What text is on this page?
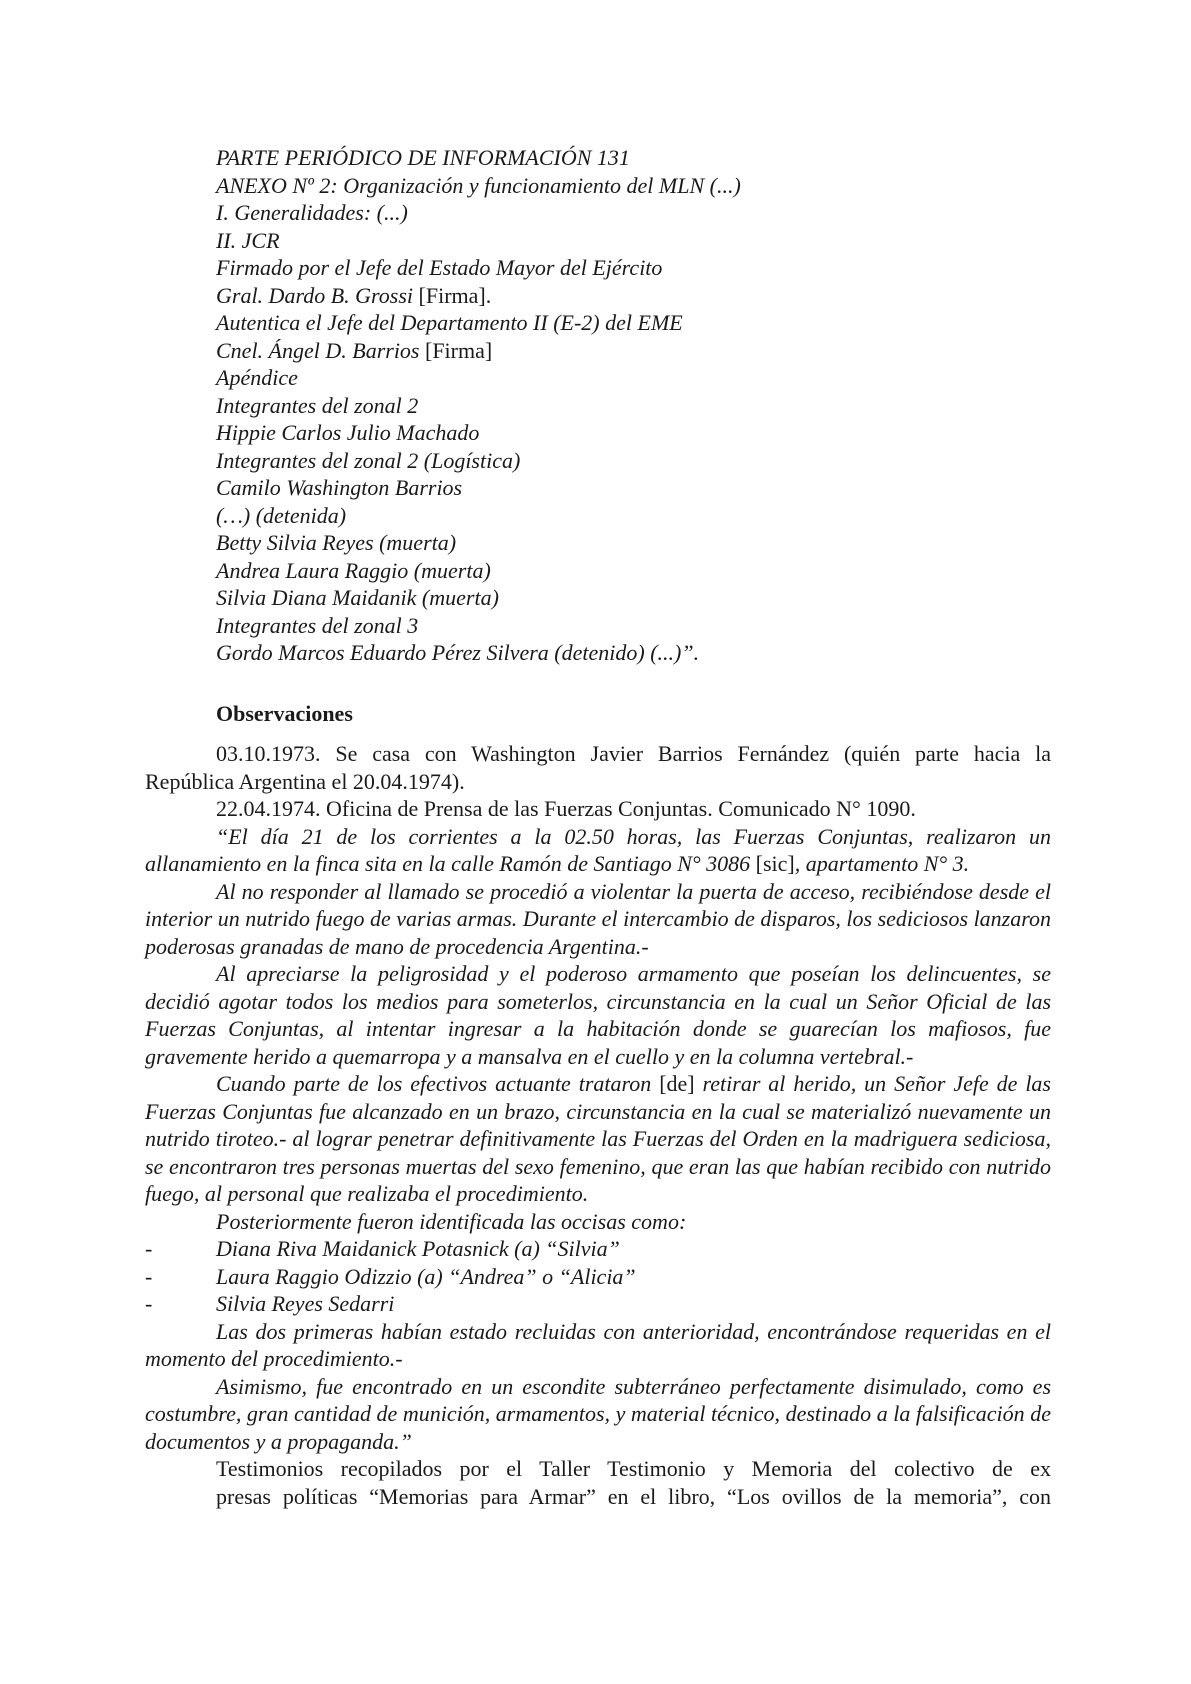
PARTE PERIÓDICO DE INFORMACIÓN 131
ANEXO Nº 2: Organización y funcionamiento del MLN (...)
I. Generalidades: (...)
II. JCR
Firmado por el Jefe del Estado Mayor del Ejército
Gral. Dardo B. Grossi [Firma].
Autentica el Jefe del Departamento II (E-2) del EME
Cnel. Ángel D. Barrios [Firma]
Apéndice
Integrantes del zonal 2
Hippie Carlos Julio Machado
Integrantes del zonal 2 (Logística)
Camilo Washington Barrios
(…) (detenida)
Betty Silvia Reyes (muerta)
Andrea Laura Raggio (muerta)
Silvia Diana Maidanik (muerta)
Integrantes del zonal 3
Gordo Marcos Eduardo Pérez Silvera (detenido) (...)”.
Observaciones

03.10.1973. Se casa con Washington Javier Barrios Fernández (quién parte hacia la
República Argentina el 20.04.1974).

22.04.1974. Oficina de Prensa de las Fuerzas Conjuntas. Comunicado N° 1090.

“El día 21 de los corrientes a la 02.50 horas, las Fuerzas Conjuntas, realizaron un
allanamiento en la finca sita en la calle Ramón de Santiago N° 3086 [sic], apartamento N° 3.

Al no responder al llamado se procedió a violentar la puerta de acceso, recibiéndose desde el interior un nutrido fuego de varias armas. Durante el intercambio de disparos, los sediciosos lanzaron poderosas granadas de mano de procedencia Argentina.-

Al apreciarse la peligrosidad y el poderoso armamento que poseían los delincuentes, se decidió agotar todos los medios para someterlos, circunstancia en la cual un Señor Oficial de las Fuerzas Conjuntas, al intentar ingresar a la habitación donde se guarecían los mafiosos, fue gravemente herido a quemarropa y a mansalva en el cuello y en la columna vertebral.-

Cuando parte de los efectivos actuante trataron [de] retirar al herido, un Señor Jefe de las Fuerzas Conjuntas fue alcanzado en un brazo, circunstancia en la cual se materializó nuevamente un nutrido tiroteo.- al lograr penetrar definitivamente las Fuerzas del Orden en la madriguera sediciosa, se encontraron tres personas muertas del sexo femenino, que eran las que habían recibido con nutrido fuego, al personal que realizaba el procedimiento.

Posteriormente fueron identificada las occisas como:

-	Diana Riva Maidanick Potasnick (a) “Silvia”
-	Laura Raggio Odizzio (a) “Andrea” o “Alicia”
-	Silvia Reyes Sedarri

Las dos primeras habían estado recluidas con anterioridad, encontrándose requeridas en el momento del procedimiento.-

Asimismo, fue encontrado en un escondite subterráneo perfectamente disimulado, como es costumbre, gran cantidad de munición, armamentos, y material técnico, destinado a la falsificación de documentos y a propaganda.”

Testimonios recopilados por el Taller Testimonio y Memoria del colectivo de ex
presas políticas “Memorias para Armar” en el libro, “Los ovillos de la memoria”, con
